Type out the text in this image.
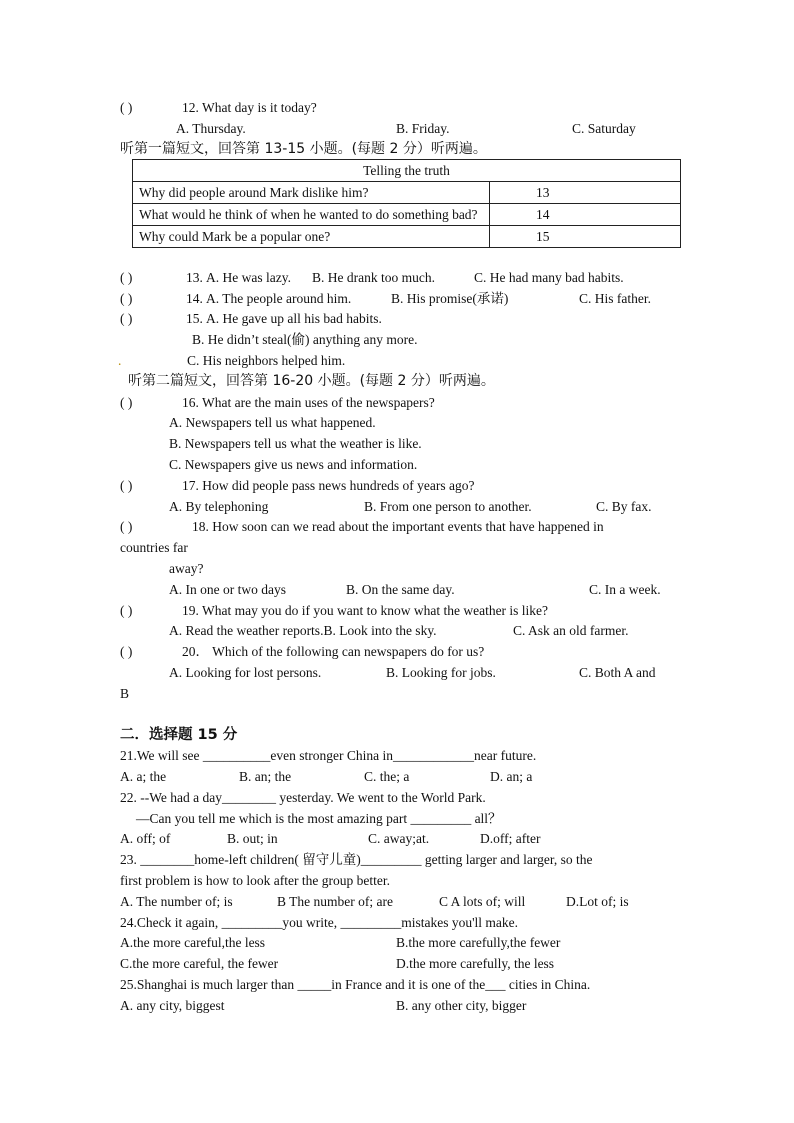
( )	12. What day is it today?
A. Thursday.	B. Friday.	C. Saturday
听第一篇短文，回答第 13-15 小题。(每题 2 分）听两遍。
Telling the truth	
Why did people around Mark dislike him?	13
What would he think of when he wanted to do something bad?	14
Why could Mark be a popular one?	15
( )	13. A. He was lazy. B. He drank too much.	C. He had many bad habits.
( )	14. A. The people around him.	B. His promise(承诺)	C. His father.
( )	15. A. He gave up all his bad habits.
B. He didn’t steal(偷) anything any more.
.	C. His neighbors helped him.
听第二篇短文，回答第 16-20 小题。(每题 2 分）听两遍。
( )	16. What are the main uses of the newspapers?
A. Newspapers tell us what happened.
B. Newspapers tell us what the weather is like.
C. Newspapers give us news and information.
( )	17. How did people pass news hundreds of years ago?
A. By telephoning	B. From one person to another.	C. By fax.
( )	18. How soon can we read about the important events that have happened in
countries far
away?
A. In one or two days	B. On the same day.	C. In a week.
( )	19. What may you do if you want to know what the weather is like?
A. Read the weather reports.B. Look into the sky.	C. Ask an old farmer.
( )	20． Which of the following can newspapers do for us?
A. Looking for lost persons.	B. Looking for jobs.	C. Both A and
B
二．选择题 15 分
21.We will see __________even stronger China in____________near future.
A. a; the	B. an; the	C. the; a	D. an; a
22. --We had a day________ yesterday. We went to the World Park.
—Can you tell me which is the most amazing part _________ all？
A. off; of	B. out; in	C. away;at.	D.off; after
23. ________home-left children( 留守儿童)_________ getting larger and larger, so the
first problem is how to look after the group better.
A. The number of; is	B The number of; are	C A lots of; will	D.Lot of; is
24.Check it again, _________you write, _________mistakes you'll make.
A.the more careful,the less	B.the more carefully,the fewer
C.the more careful, the fewer	D.the more carefully, the less
25.Shanghai is much larger than _____in France and it is one of the___ cities in China.
A. any city, biggest	B. any other city, bigger
